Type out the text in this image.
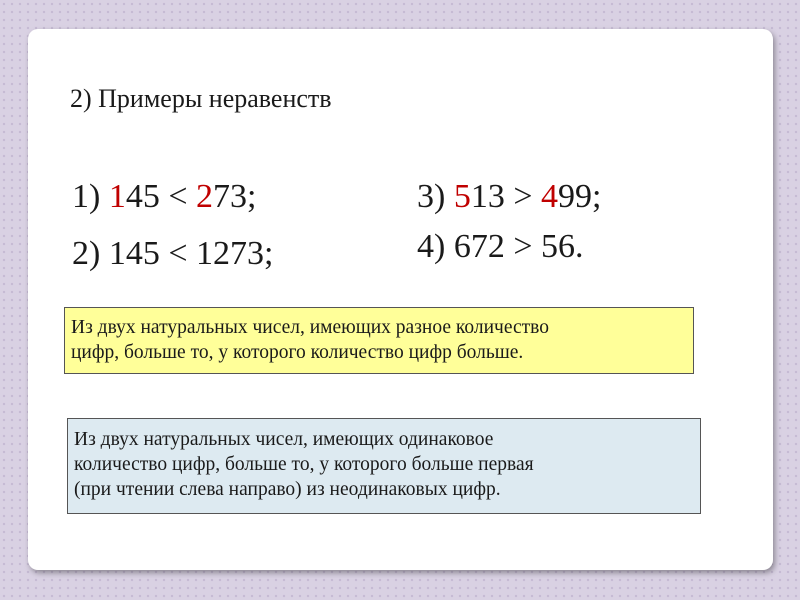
2) Примеры неравенств
1) 145 < 273;
2) 145 < 1273;
3) 513 > 499;
4) 672 > 56.
Из двух натуральных чисел, имеющих разное количество
цифр, больше то, у которого количество цифр больше.
Из двух натуральных чисел, имеющих одинаковое
количество цифр, больше то, у которого больше первая
(при чтении слева направо) из неодинаковых цифр.
